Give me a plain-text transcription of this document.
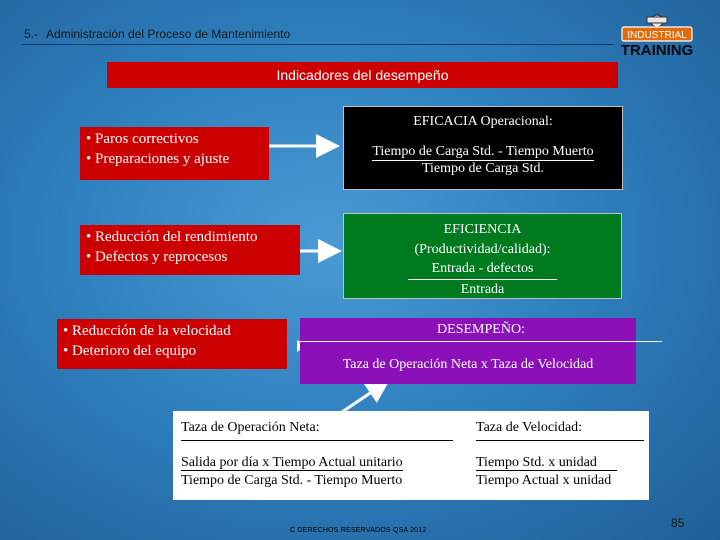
5.- Administración del Proceso de Mantenimiento	INDUSTRIAL
TRAINING
Indicadores del desempeño
• Paros correctivos
• Preparaciones y ajuste
• Reducción del rendimiento
• Defectos y reprocesos
• Reducción de la velocidad
• Deterioro del equipo
EFICACIA Operacional:
Tiempo de Carga Std. - Tiempo Muerto
Tiempo de Carga Std.
EFICIENCIA
(Productividad/calidad):
Entrada - defectos
Entrada
DESEMPEÑO:
Taza de Operación Neta x Taza de Velocidad
Taza de Operación Neta:
Salida por día x Tiempo Actual unitario
Tiempo de Carga Std. - Tiempo Muerto
Taza de Velocidad:
Tiempo Std. x unidad
Tiempo Actual x unidad
C DERECHOS RESERVADOS QSA 2012
85
